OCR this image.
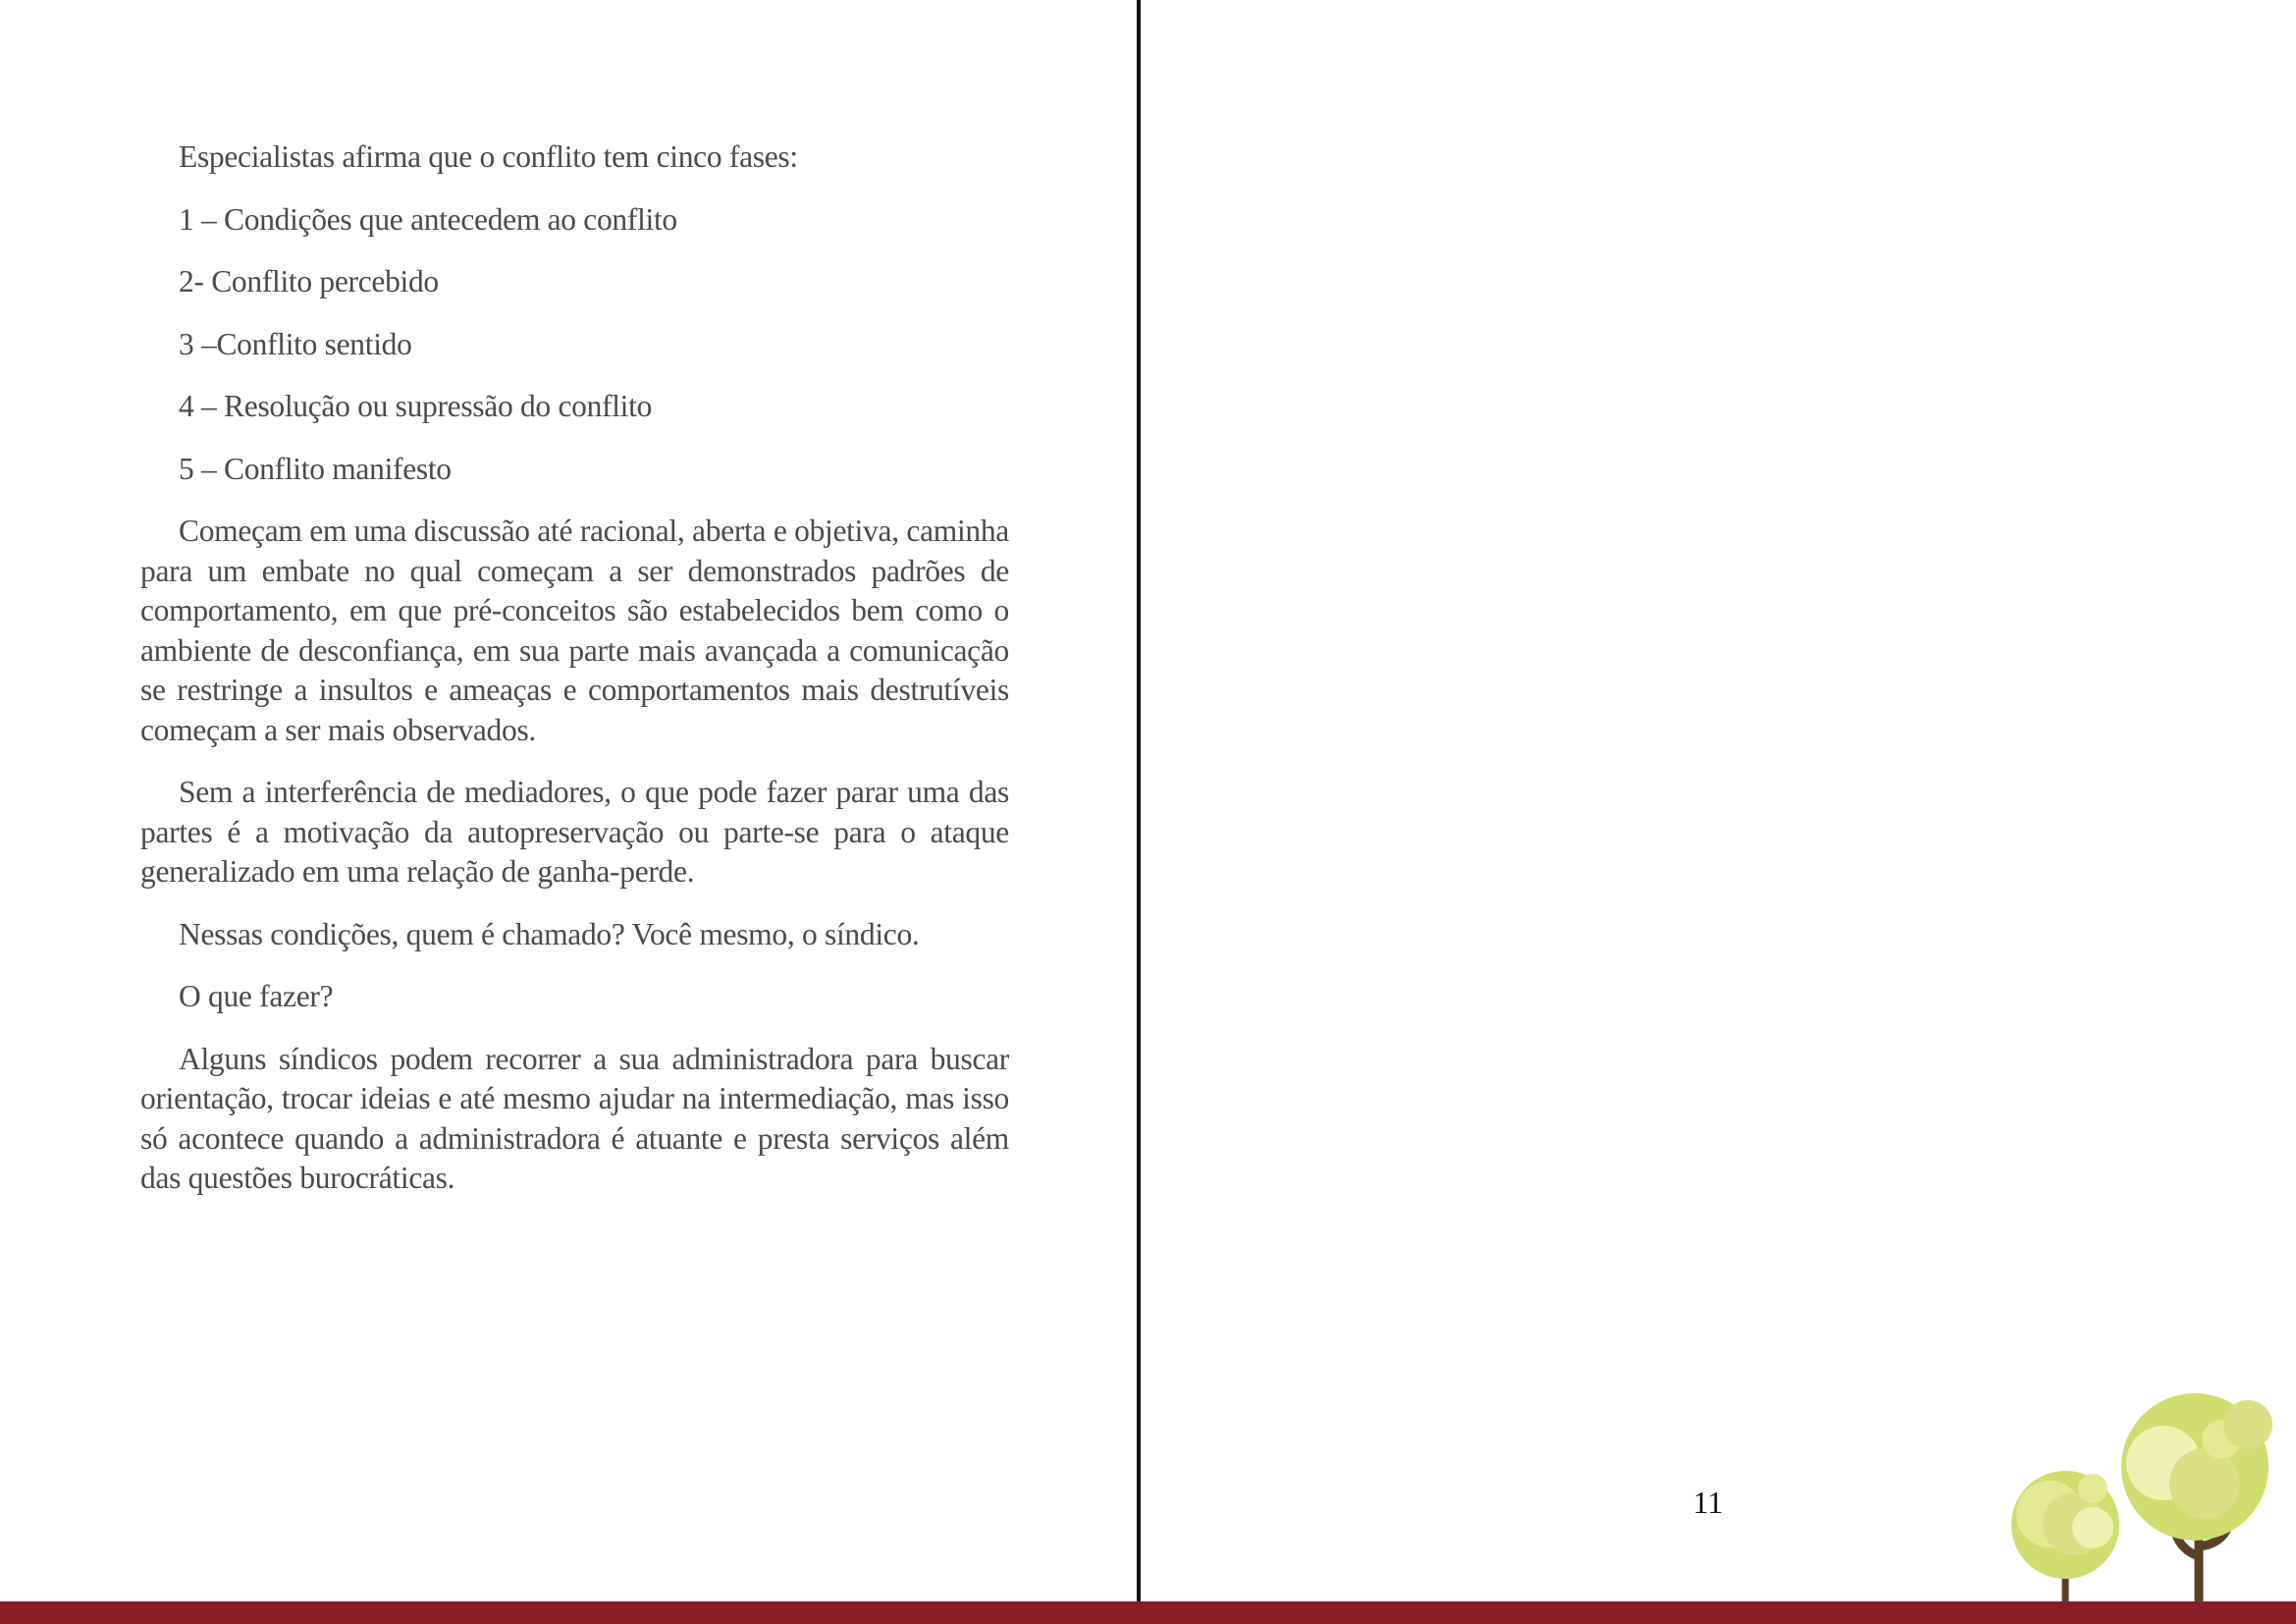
Especialistas afirma que o conflito tem cinco fases:

1 – Condições que antecedem ao conflito

2- Conflito percebido

3 –Conflito sentido

4 – Resolução ou supressão do conflito

5 – Conflito manifesto

Começam em uma discussão até racional, aberta e objetiva, caminha para um embate no qual começam a ser demonstrados padrões de comportamento, em que pré-conceitos são estabelecidos bem como o ambiente de desconfiança, em sua parte mais avançada a comunicação se restringe a insultos e ameaças e comportamentos mais destrutíveis começam a ser mais observados.

Sem a interferência de mediadores, o que pode fazer parar uma das partes é a motivação da autopreservação ou parte-se para o ataque generalizado em uma relação de ganha-perde.

Nessas condições, quem é chamado? Você mesmo, o síndico.

O que fazer?

Alguns síndicos podem recorrer a sua administradora para buscar orientação, trocar ideias e até mesmo ajudar na intermediação, mas isso só acontece quando a administradora é atuante e presta serviços além das questões burocráticas.

11
